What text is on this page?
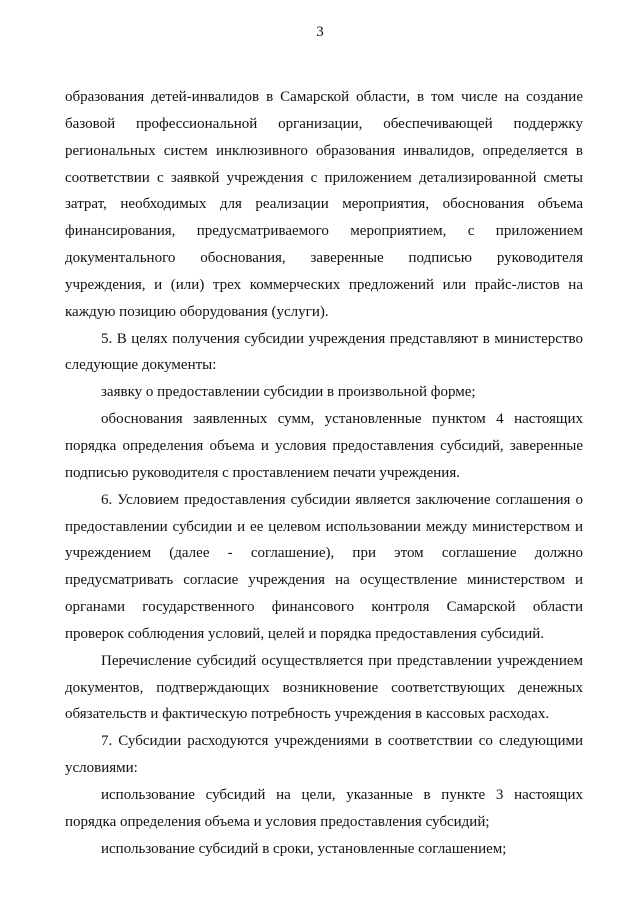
3
образования детей-инвалидов в Самарской области, в том числе на создание
базовой профессиональной организации, обеспечивающей поддержку
региональных систем инклюзивного образования инвалидов, определяется в
соответствии с заявкой учреждения с приложением детализированной сметы
затрат, необходимых для реализации мероприятия, обоснования объема
финансирования, предусматриваемого мероприятием, с приложением
документального обоснования, заверенные подписью руководителя
учреждения, и (или) трех коммерческих предложений или прайс-листов на
каждую позицию оборудования (услуги).
5. В целях получения субсидии учреждения представляют в министерство
следующие документы:
заявку о предоставлении субсидии в произвольной форме;
обоснования заявленных сумм, установленные пунктом 4 настоящих
порядка определения объема и условия предоставления субсидий, заверенные
подписью руководителя с проставлением печати учреждения.
6. Условием предоставления субсидии является заключение соглашения о
предоставлении субсидии и ее целевом использовании между министерством и
учреждением (далее - соглашение), при этом соглашение должно
предусматривать согласие учреждения на осуществление министерством и
органами государственного финансового контроля Самарской области
проверок соблюдения условий, целей и порядка предоставления субсидий.
Перечисление субсидий осуществляется при представлении учреждением
документов, подтверждающих возникновение соответствующих денежных
обязательств и фактическую потребность учреждения в кассовых расходах.
7. Субсидии расходуются учреждениями в соответствии со следующими
условиями:
использование субсидий на цели, указанные в пункте 3 настоящих
порядка определения объема и условия предоставления субсидий;
использование субсидий в сроки, установленные соглашением;
